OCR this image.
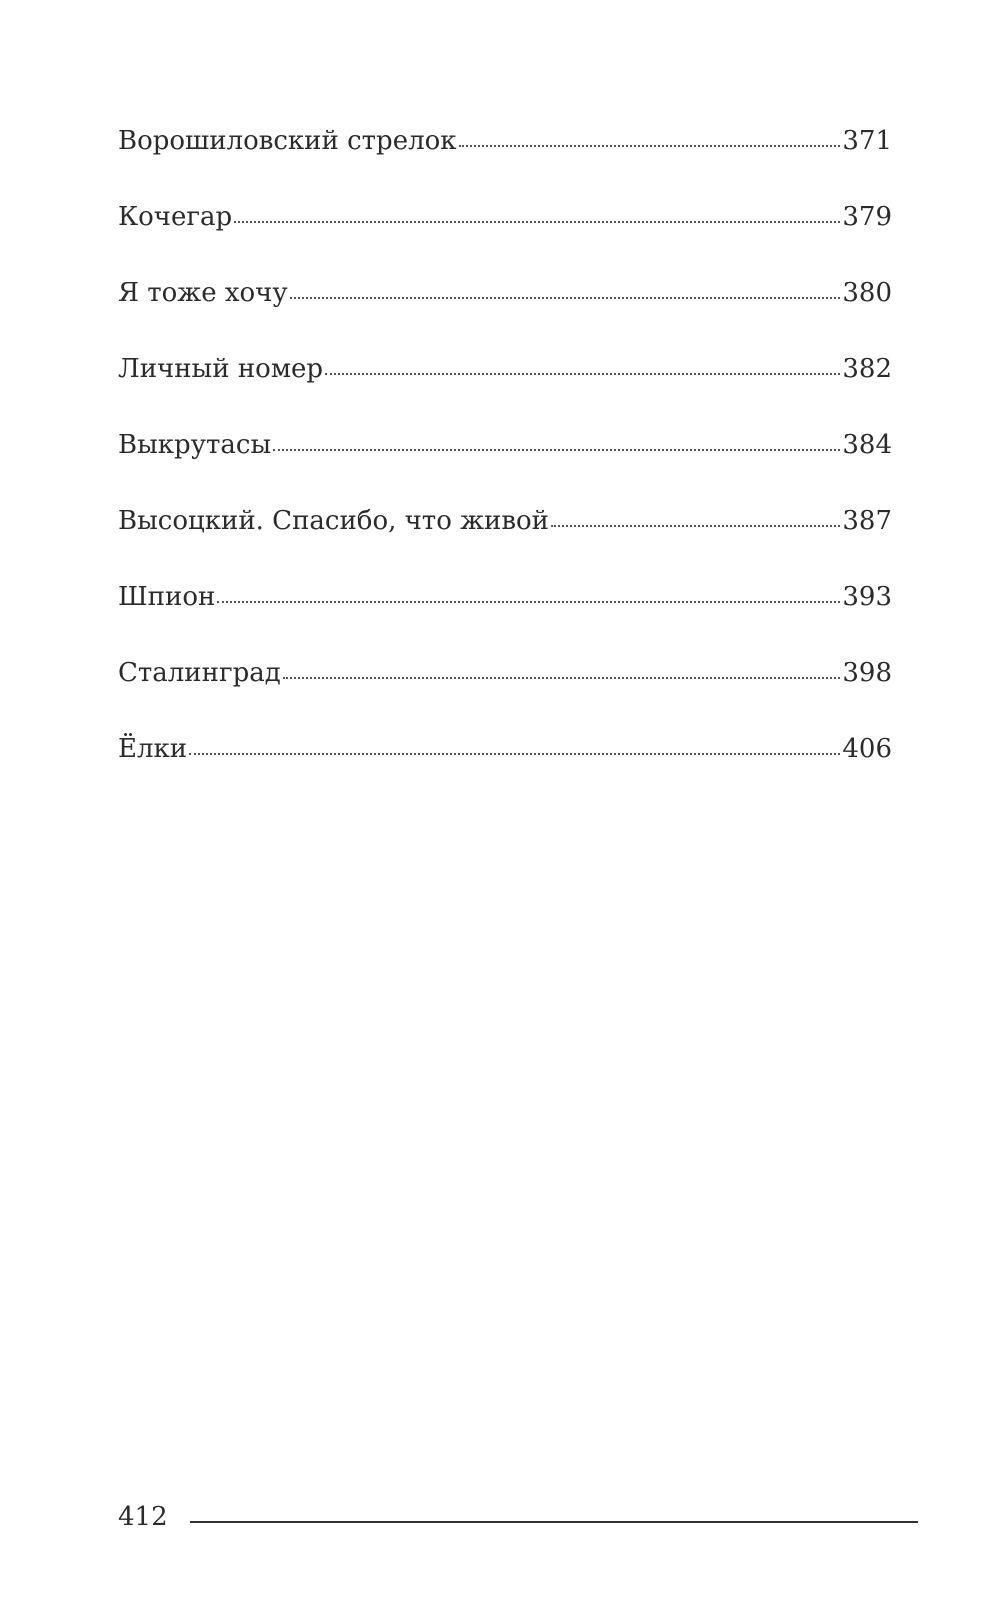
Ворошиловский стрелок	371
Кочегар	379
Я тоже хочу	380
Личный номер	382
Выкрутасы	384
Высоцкий. Спасибо, что живой	387
Шпион	393
Сталинград	398
Ёлки	406
412
